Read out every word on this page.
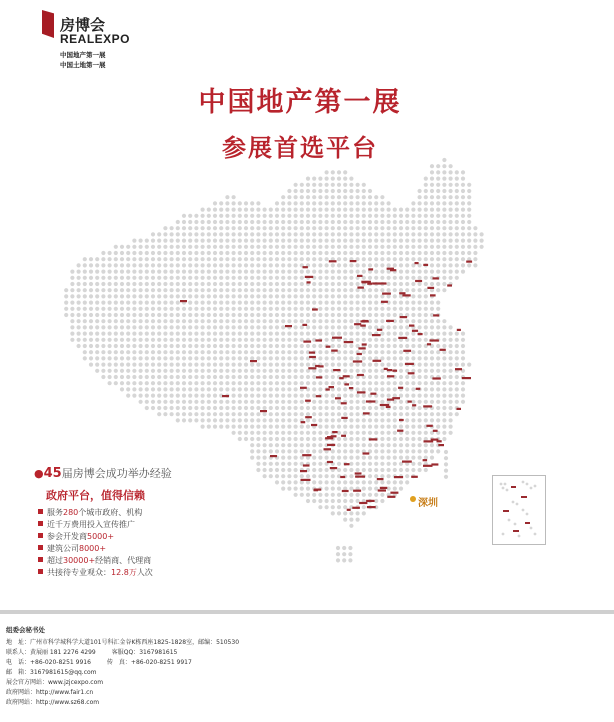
房博会
REALEXPO
中国地产第一展
中国土地第一展
中国地产第一展
参展首选平台
深圳
●45届房博会成功举办经验
政府平台，值得信赖
服务280个城市政府、机构
近千万费用投入宣传推广
参会开发商5000+
建筑公司8000+
超过30000+经销商、代理商
共接待专业观众：12.8万人次
组委会秘书处
地　址：广州市科学城科学大道101号科汇金谷K栋西座1825-1828室，邮编：510530
联系人：黄展丽 181 2276 4299	客服QQ：3167981615
电　话：+86-020-8251 9916	传　真：+86-020-8251 9917
邮　箱：3167981615@qq.com
展会官方网站：www.jzjcexpo.com
政府网站：http://www.fair1.cn
政府网站：http://www.sz68.com
